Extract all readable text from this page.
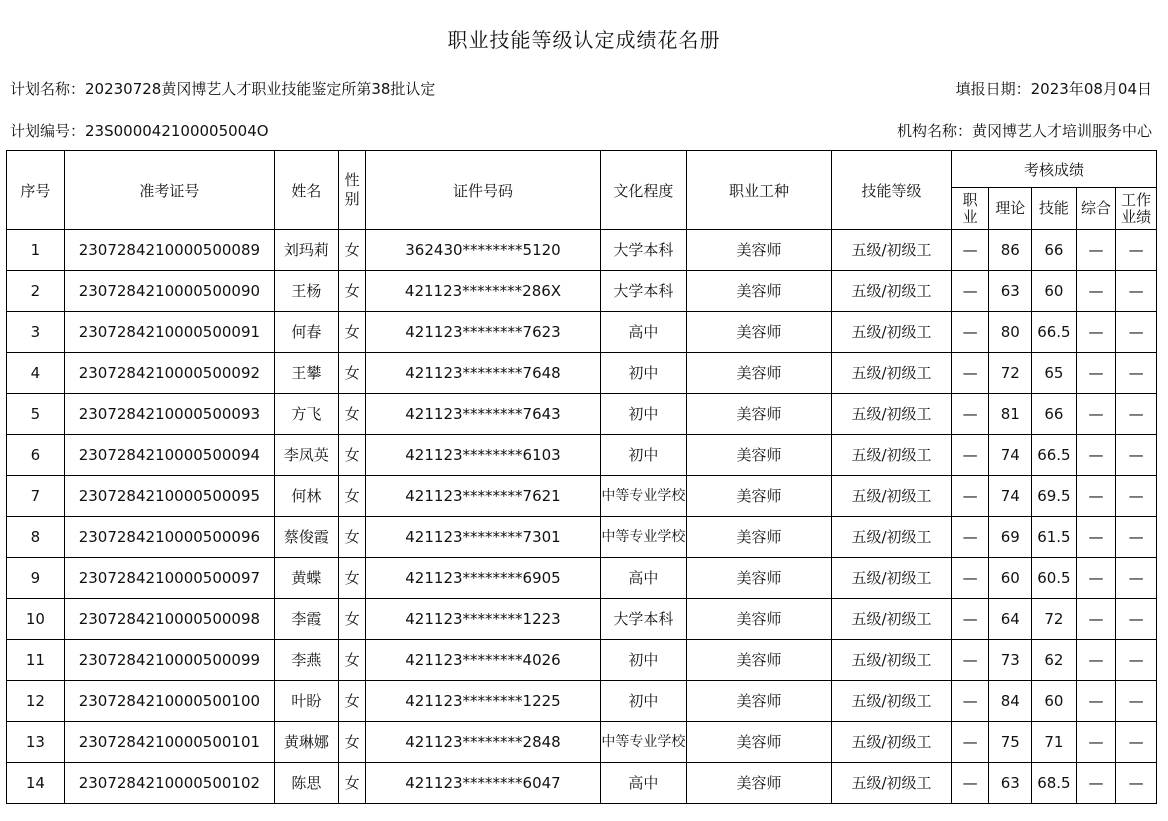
职业技能等级认定成绩花名册
计划名称：20230728黄冈博艺人才职业技能鉴定所第38批认定	填报日期：2023年08月04日
计划编号：23S000042100005004O	机构名称：黄冈博艺人才培训服务中心
序号	准考证号	姓名	性
别	证件号码	文化程度	职业工种	技能等级	考核成绩				
								职
业	理论	技能	综合	工作
业绩
1	2307284210000500089	刘玛莉	女	362430********5120	大学本科	美容师	五级/初级工	—	86	66	—	—
2	2307284210000500090	王杨	女	421123********286X	大学本科	美容师	五级/初级工	—	63	60	—	—
3	2307284210000500091	何春	女	421123********7623	高中	美容师	五级/初级工	—	80	66.5	—	—
4	2307284210000500092	王攀	女	421123********7648	初中	美容师	五级/初级工	—	72	65	—	—
5	2307284210000500093	方飞	女	421123********7643	初中	美容师	五级/初级工	—	81	66	—	—
6	2307284210000500094	李凤英	女	421123********6103	初中	美容师	五级/初级工	—	74	66.5	—	—
7	2307284210000500095	何林	女	421123********7621	中等专业学校	美容师	五级/初级工	—	74	69.5	—	—
8	2307284210000500096	蔡俊霞	女	421123********7301	中等专业学校	美容师	五级/初级工	—	69	61.5	—	—
9	2307284210000500097	黄蝶	女	421123********6905	高中	美容师	五级/初级工	—	60	60.5	—	—
10	2307284210000500098	李霞	女	421123********1223	大学本科	美容师	五级/初级工	—	64	72	—	—
11	2307284210000500099	李燕	女	421123********4026	初中	美容师	五级/初级工	—	73	62	—	—
12	2307284210000500100	叶盼	女	421123********1225	初中	美容师	五级/初级工	—	84	60	—	—
13	2307284210000500101	黄琳娜	女	421123********2848	中等专业学校	美容师	五级/初级工	—	75	71	—	—
14	2307284210000500102	陈思	女	421123********6047	高中	美容师	五级/初级工	—	63	68.5	—	—
